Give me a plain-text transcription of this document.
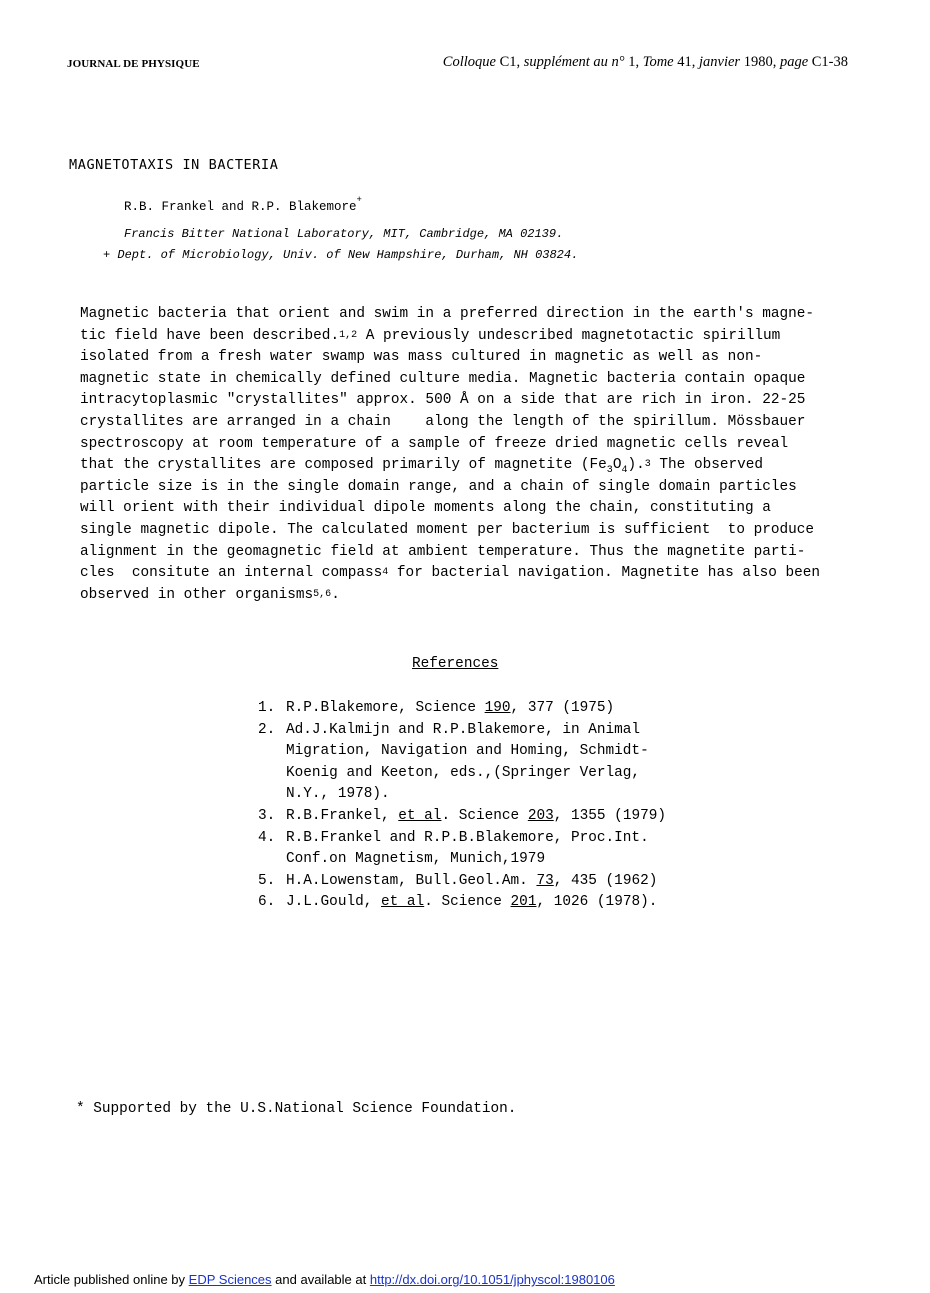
JOURNAL DE PHYSIQUE	Colloque C1, supplément au n° 1, Tome 41, janvier 1980, page C1-38
MAGNETOTAXIS IN BACTERIA
R.B. Frankel and R.P. Blakemore+
Francis Bitter National Laboratory, MIT, Cambridge, MA 02139.
+ Dept. of Microbiology, Univ. of New Hampshire, Durham, NH 03824.
Magnetic bacteria that orient and swim in a preferred direction in the earth's magne-
tic field have been described.$^{1,2}$ A previously undescribed magnetotactic spirillum
isolated from a fresh water swamp was mass cultured in magnetic as well as non-
magnetic state in chemically defined culture media. Magnetic bacteria contain opaque
intracytoplasmic "crystallites" approx. 500 Å on a side that are rich in iron. 22-25
crystallites are arranged in a chain    along the length of the spirillum. Mössbauer
spectroscopy at room temperature of a sample of freeze dried magnetic cells reveal
that the crystallites are composed primarily of magnetite $(Fe_3O_4).^3$ The observed
particle size is in the single domain range, and a chain of single domain particles
will orient with their individual dipole moments along the chain, constituting a
single magnetic dipole. The calculated moment per bacterium is sufficient  to produce
alignment in the geomagnetic field at ambient temperature. Thus the magnetite parti-
cles  consitute an internal compass$^4$ for bacterial navigation. Magnetite has also been
observed in other organisms$^{5,6}$.
References
1. R.P.Blakemore, Science 190, 377 (1975)
2. Ad.J.Kalmijn and R.P.Blakemore, in Animal
Migration, Navigation and Homing, Schmidt-
Koenig and Keeton, eds.,(Springer Verlag,
N.Y., 1978).
3. R.B.Frankel, et al. Science 203, 1355 (1979)
4. R.B.Frankel and R.P.B.Blakemore, Proc.Int.
Conf.on Magnetism, Munich,1979
5. H.A.Lowenstam, Bull.Geol.Am. 73, 435 (1962)
6. J.L.Gould, et al. Science 201, 1026 (1978).
* Supported by the U.S.National Science Foundation.
Article published online by EDP Sciences and available at http://dx.doi.org/10.1051/jphyscol:1980106
